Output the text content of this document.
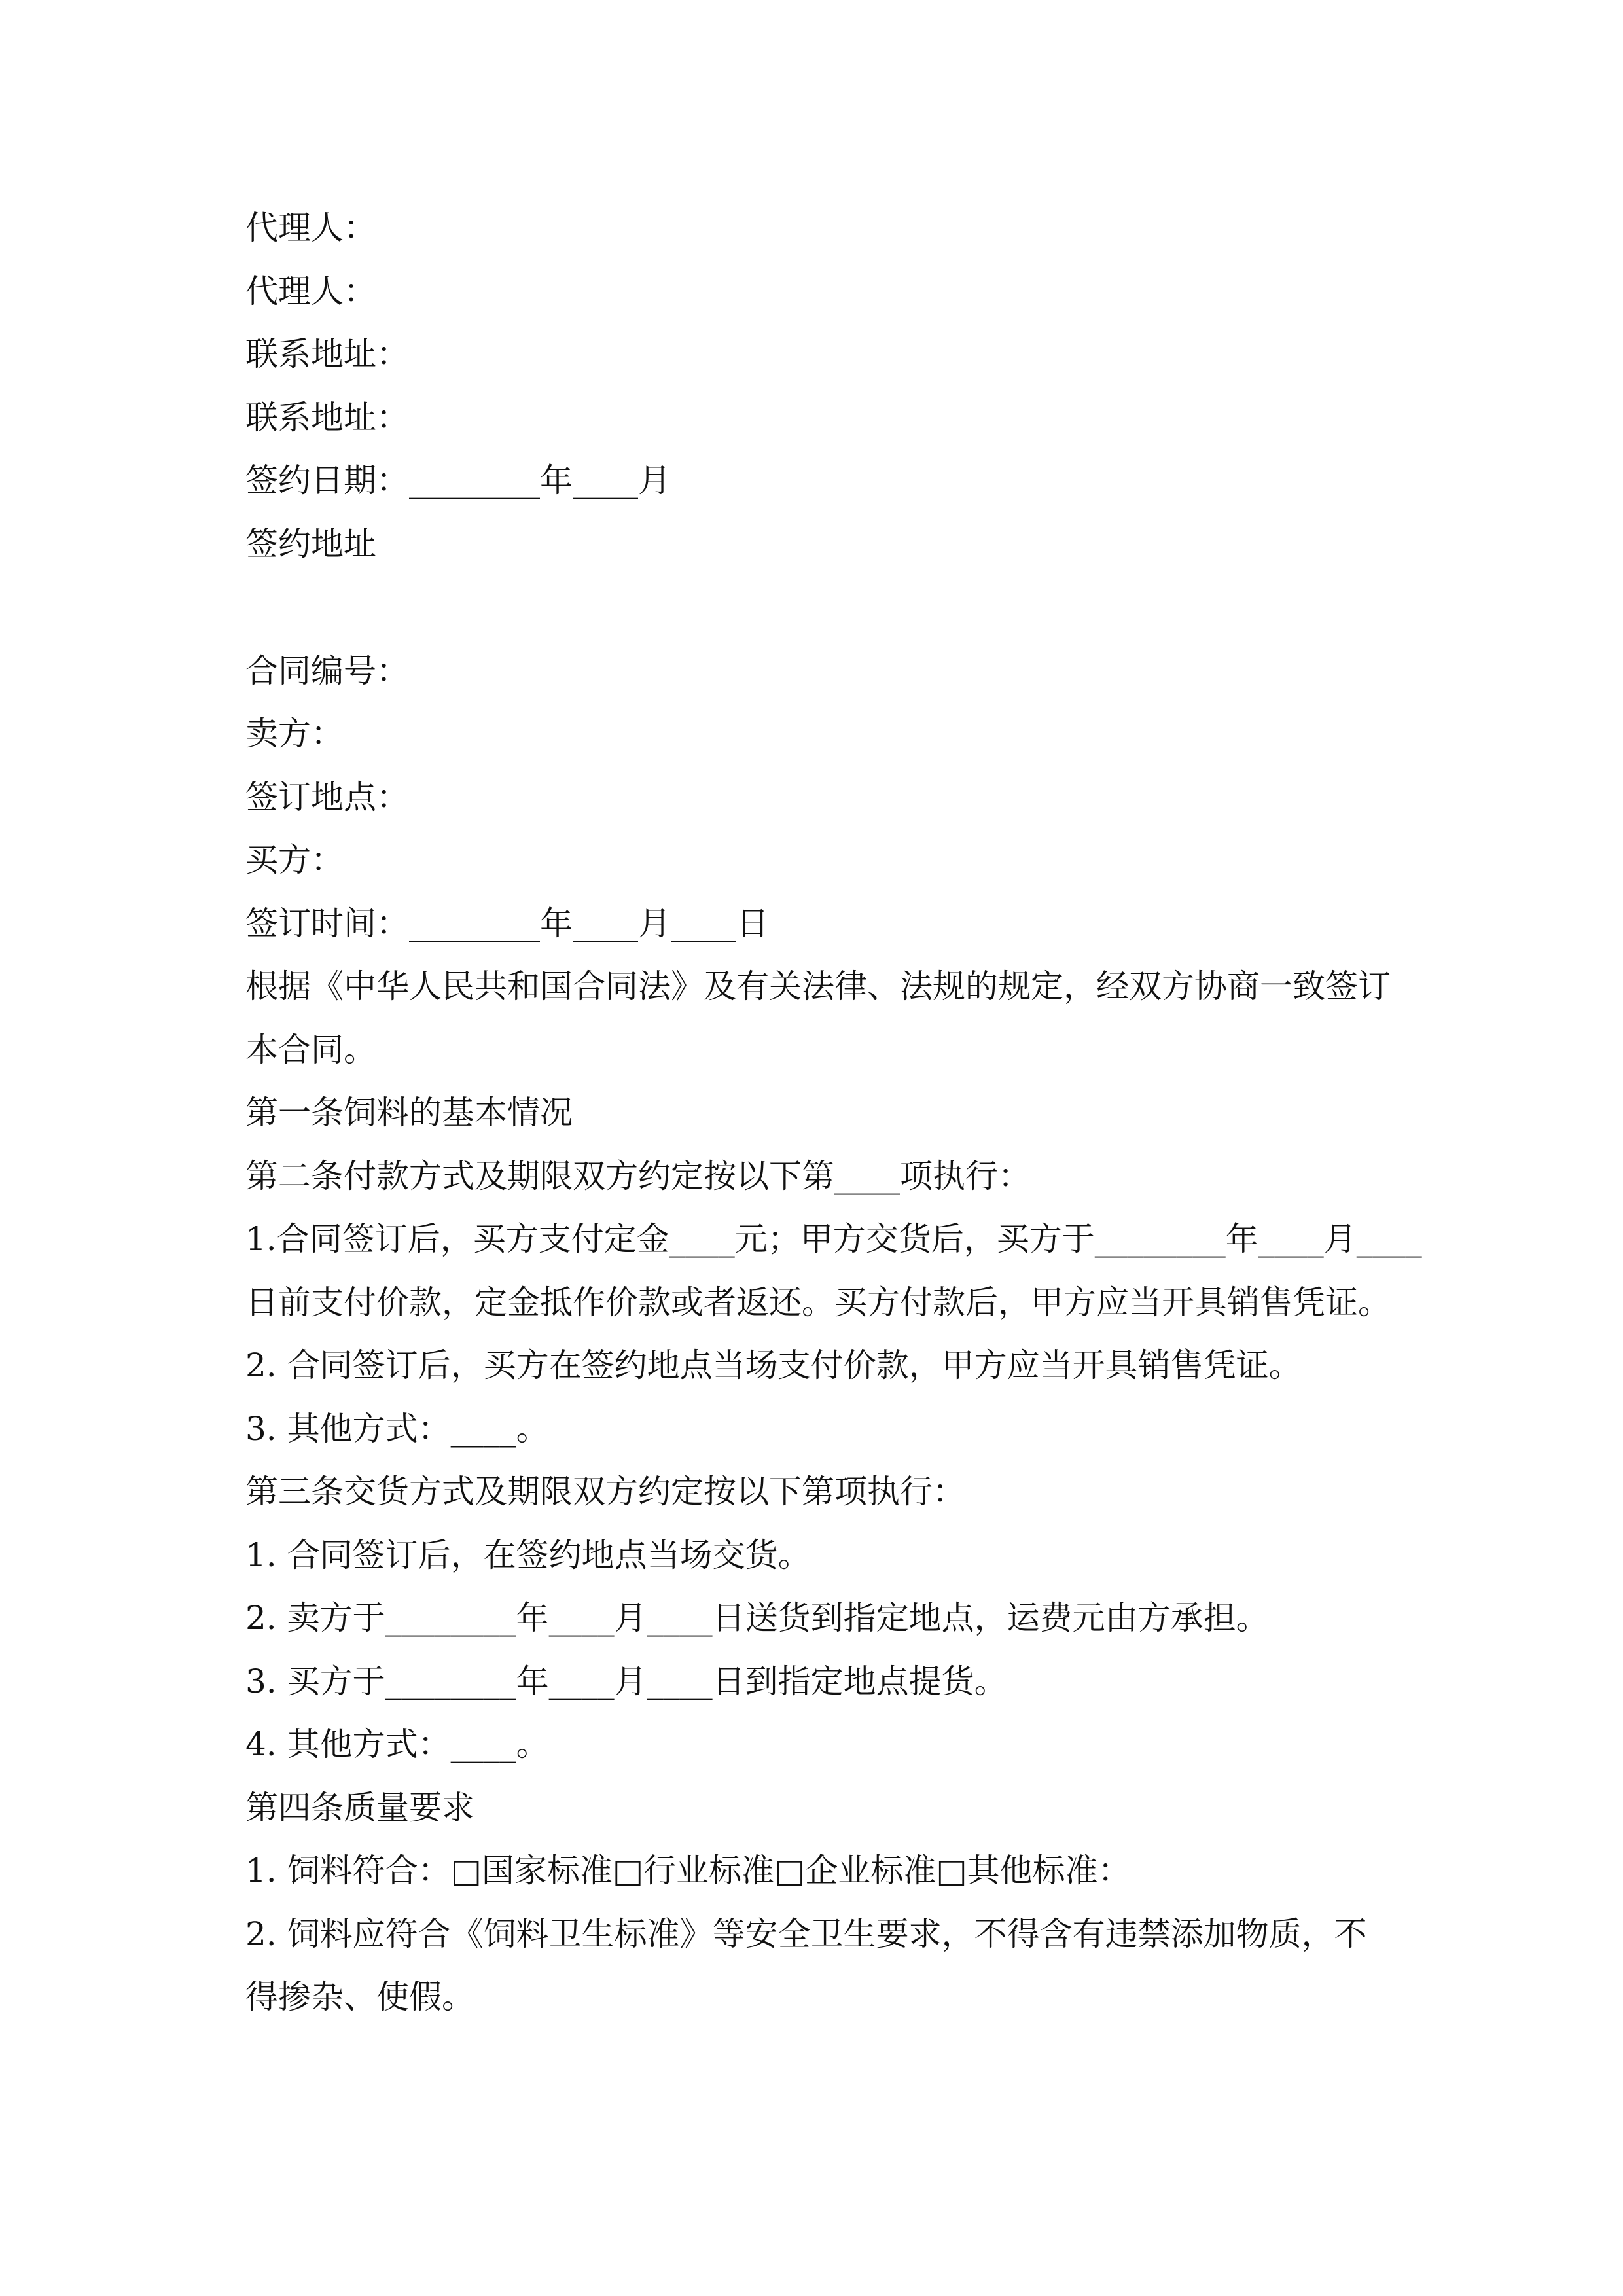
代理人：
代理人：
联系地址：
联系地址：
签约日期：________年____月
签约地址
合同编号：
卖方：
签订地点：
买方：
签订时间：________年____月____日
根据《中华人民共和国合同法》及有关法律、法规的规定，经双方协商一致签订
本合同。
第一条饲料的基本情况
第二条付款方式及期限双方约定按以下第____项执行：
1.合同签订后，买方支付定金____元；甲方交货后，买方于________年____月____
日前支付价款，定金抵作价款或者返还。买方付款后，甲方应当开具销售凭证。
2. 合同签订后，买方在签约地点当场支付价款，甲方应当开具销售凭证。
3. 其他方式：____。
第三条交货方式及期限双方约定按以下第项执行：
1. 合同签订后，在签约地点当场交货。
2. 卖方于________年____月____日送货到指定地点，运费元由方承担。
3. 买方于________年____月____日到指定地点提货。
4. 其他方式：____。
第四条质量要求
1. 饲料符合：□国家标准□行业标准□企业标准□其他标准：
2. 饲料应符合《饲料卫生标准》等安全卫生要求，不得含有违禁添加物质，不
得掺杂、使假。
